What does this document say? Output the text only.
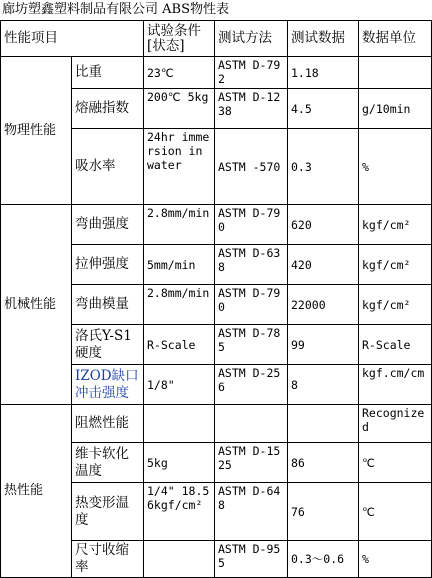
廊坊塑鑫塑料制品有限公司 ABS物性表
性能项目		试验条件[状态]	测试方法	测试数据	数据单位
物理性能	比重	23℃	ASTM D-792	1.18	
	熔融指数	200℃ 5kg	ASTM D-1238	4.5	g/10min
	吸水率	24hr immersion in water	ASTM -570	0.3	%
机械性能	弯曲强度	2.8mm/min	ASTM D-790	620	kgf/cm²
	拉伸强度	5mm/min	ASTM D-638	420	kgf/cm²
	弯曲模量	2.8mm/min	ASTM D-790	22000	kgf/cm²
	洛氏Y-S1硬度	R-Scale	ASTM D-785	99	R-Scale
	IZOD缺口冲击强度	1/8"	ASTM D-256	8	kgf.cm/cm
热性能	阻燃性能				Recognized
	维卡软化温度	5kg	ASTM D-1525	86	℃
	热变形温度	1/4" 18.56kgf/cm²	ASTM D-648	76	℃
	尺寸收缩率		ASTM D-955	0.3～0.6	%
